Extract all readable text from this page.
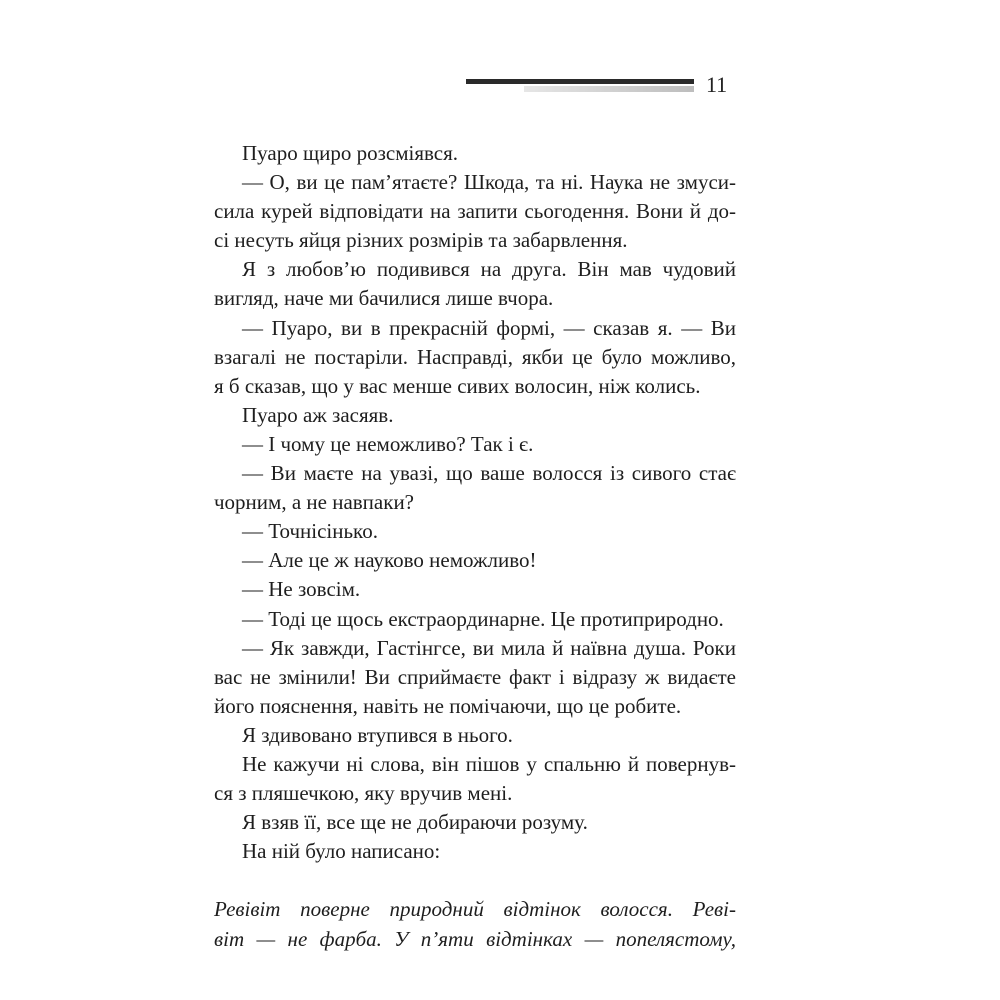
11
Пуаро щиро розсміявся.
— О, ви це пам’ятаєте? Шкода, та ні. Наука не змуси-
сила курей відповідати на запити сьогодення. Вони й до-
сі несуть яйця різних розмірів та забарвлення.
Я з любов’ю подивився на друга. Він мав чудовий
вигляд, наче ми бачилися лише вчора.
— Пуаро, ви в прекрасній формі, — сказав я. — Ви
взагалі не постаріли. Насправді, якби це було можливо,
я б сказав, що у вас менше сивих волосин, ніж колись.
Пуаро аж засяяв.
— І чому це неможливо? Так і є.
— Ви маєте на увазі, що ваше волосся із сивого стає
чорним, а не навпаки?
— Точнісінько.
— Але це ж науково неможливо!
— Не зовсім.
— Тоді це щось екстраординарне. Це протиприродно.
— Як завжди, Гастінгсе, ви мила й наївна душа. Роки
вас не змінили! Ви сприймаєте факт і відразу ж видаєте
його пояснення, навіть не помічаючи, що це робите.
Я здивовано втупився в нього.
Не кажучи ні слова, він пішов у спальню й повернув-
ся з пляшечкою, яку вручив мені.
Я взяв її, все ще не добираючи розуму.
На ній було написано:
Ревівіт поверне природний відтінок волосся. Реві-
віт — не фарба. У п’яти відтінках — попелястому,
